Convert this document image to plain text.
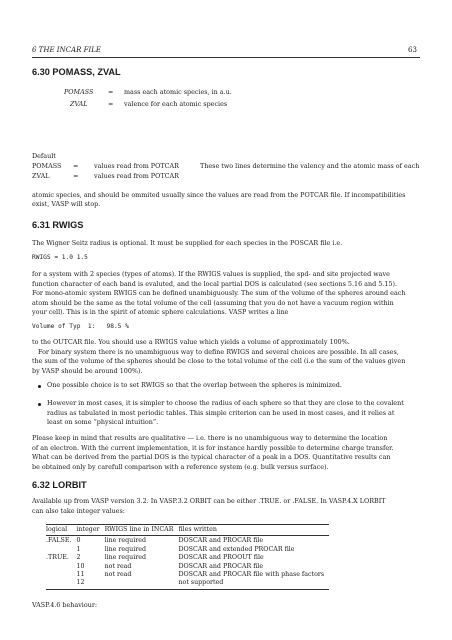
6 THE INCAR FILE	63
6.30 POMASS, ZVAL
POMASS = mass each atomic species, in a.u.
ZVAL	= valence for each atomic species
Default
POMASS = values read from POTCAR	These two lines determine the valency and the atomic mass of each
ZVAL	= values read from POTCAR
atomic species, and should be ommited usually since the values are read from the POTCAR file. If incompatibilities
exist, VASP will stop.
6.31 RWIGS
The Wigner Seitz radius is optional. It must be supplied for each species in the POSCAR file i.e.
RWIGS = 1.0 1.5
for a system with 2 species (types of atoms). If the RWIGS values is supplied, the spd- and site projected wave
function character of each band is evaluted, and the local partial DOS is calculated (see sections 5.16 and 5.15).
For mono-atomic system RWIGS can be defined unambiguously. The sum of the volume of the spheres around each
atom should be the same as the total volume of the cell (assuming that you do not have a vacuum region within
your cell). This is in the spirit of atomic sphere calculations. VASP writes a line
Volume of Typ  1:   98.5 %
to the OUTCAR file. You should use a RWIGS value which yields a volume of approximately 100%.
For binary system there is no unambiguous way to define RWIGS and several choices are possible. In all cases,
the sum of the volume of the spheres should be close to the total volume of the cell (i.e the sum of the values given
by VASP should be around 100%).
One possible choice is to set RWIGS so that the overlap between the spheres is minimized.
However in most cases, it is simpler to choose the radius of each sphere so that they are close to the covalent
radius as tabulated in most periodic tables. This simple criterion can be used in most cases, and it relies at
least on some “physical intuition”.
Please keep in mind that results are qualitative — i.e. there is no unambiguous way to determine the location
of an electron. With the current implementation, it is for instance hardly possible to determine charge transfer.
What can be derived from the partial DOS is the typical character of a peak in a DOS. Quantitative results can
be obtained only by carefull comparison with a reference system (e.g. bulk versus surface).
6.32 LORBIT
Available up from VASP version 3.2. In VASP.3.2 ORBIT can be either .TRUE. or .FALSE. In VASP.4.X LORBIT
can also take integer values:
logical	integer	RWIGS line in INCAR	files written
.FALSE.	0	line required	DOSCAR and PROCAR file
	1	line required	DOSCAR and extended PROCAR file
.TRUE.	2	line required	DOSCAR and PROOUT file
	10	not read	DOSCAR and PROCAR file
	11	not read	DOSCAR and PROCAR file with phase factors
	12		not supported
VASP.4.6 behaviour:
